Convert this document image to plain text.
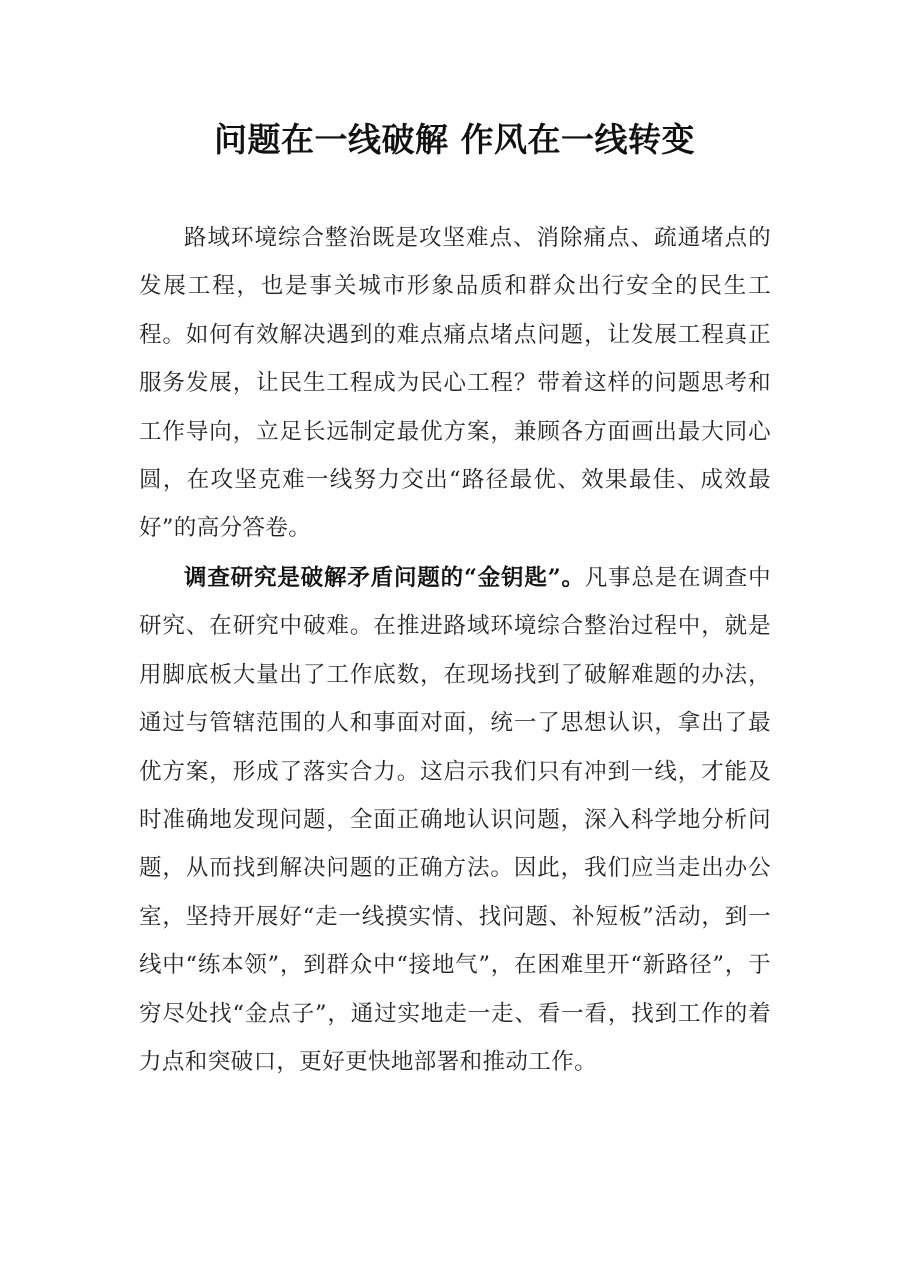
问题在一线破解 作风在一线转变

路域环境综合整治既是攻坚难点、消除痛点、疏通堵点的发展工程，也是事关城市形象品质和群众出行安全的民生工程。如何有效解决遇到的难点痛点堵点问题，让发展工程真正服务发展，让民生工程成为民心工程？带着这样的问题思考和工作导向，立足长远制定最优方案，兼顾各方面画出最大同心圆，在攻坚克难一线努力交出“路径最优、效果最佳、成效最好”的高分答卷。

调查研究是破解矛盾问题的“金钥匙”。凡事总是在调查中研究、在研究中破难。在推进路域环境综合整治过程中，就是用脚底板大量出了工作底数，在现场找到了破解难题的办法，通过与管辖范围的人和事面对面，统一了思想认识，拿出了最优方案，形成了落实合力。这启示我们只有冲到一线，才能及时准确地发现问题，全面正确地认识问题，深入科学地分析问题，从而找到解决问题的正确方法。因此，我们应当走出办公室，坚持开展好“走一线摸实情、找问题、补短板”活动，到一线中“练本领”，到群众中“接地气”，在困难里开“新路径”，于穷尽处找“金点子”，通过实地走一走、看一看，找到工作的着力点和突破口，更好更快地部署和推动工作。
